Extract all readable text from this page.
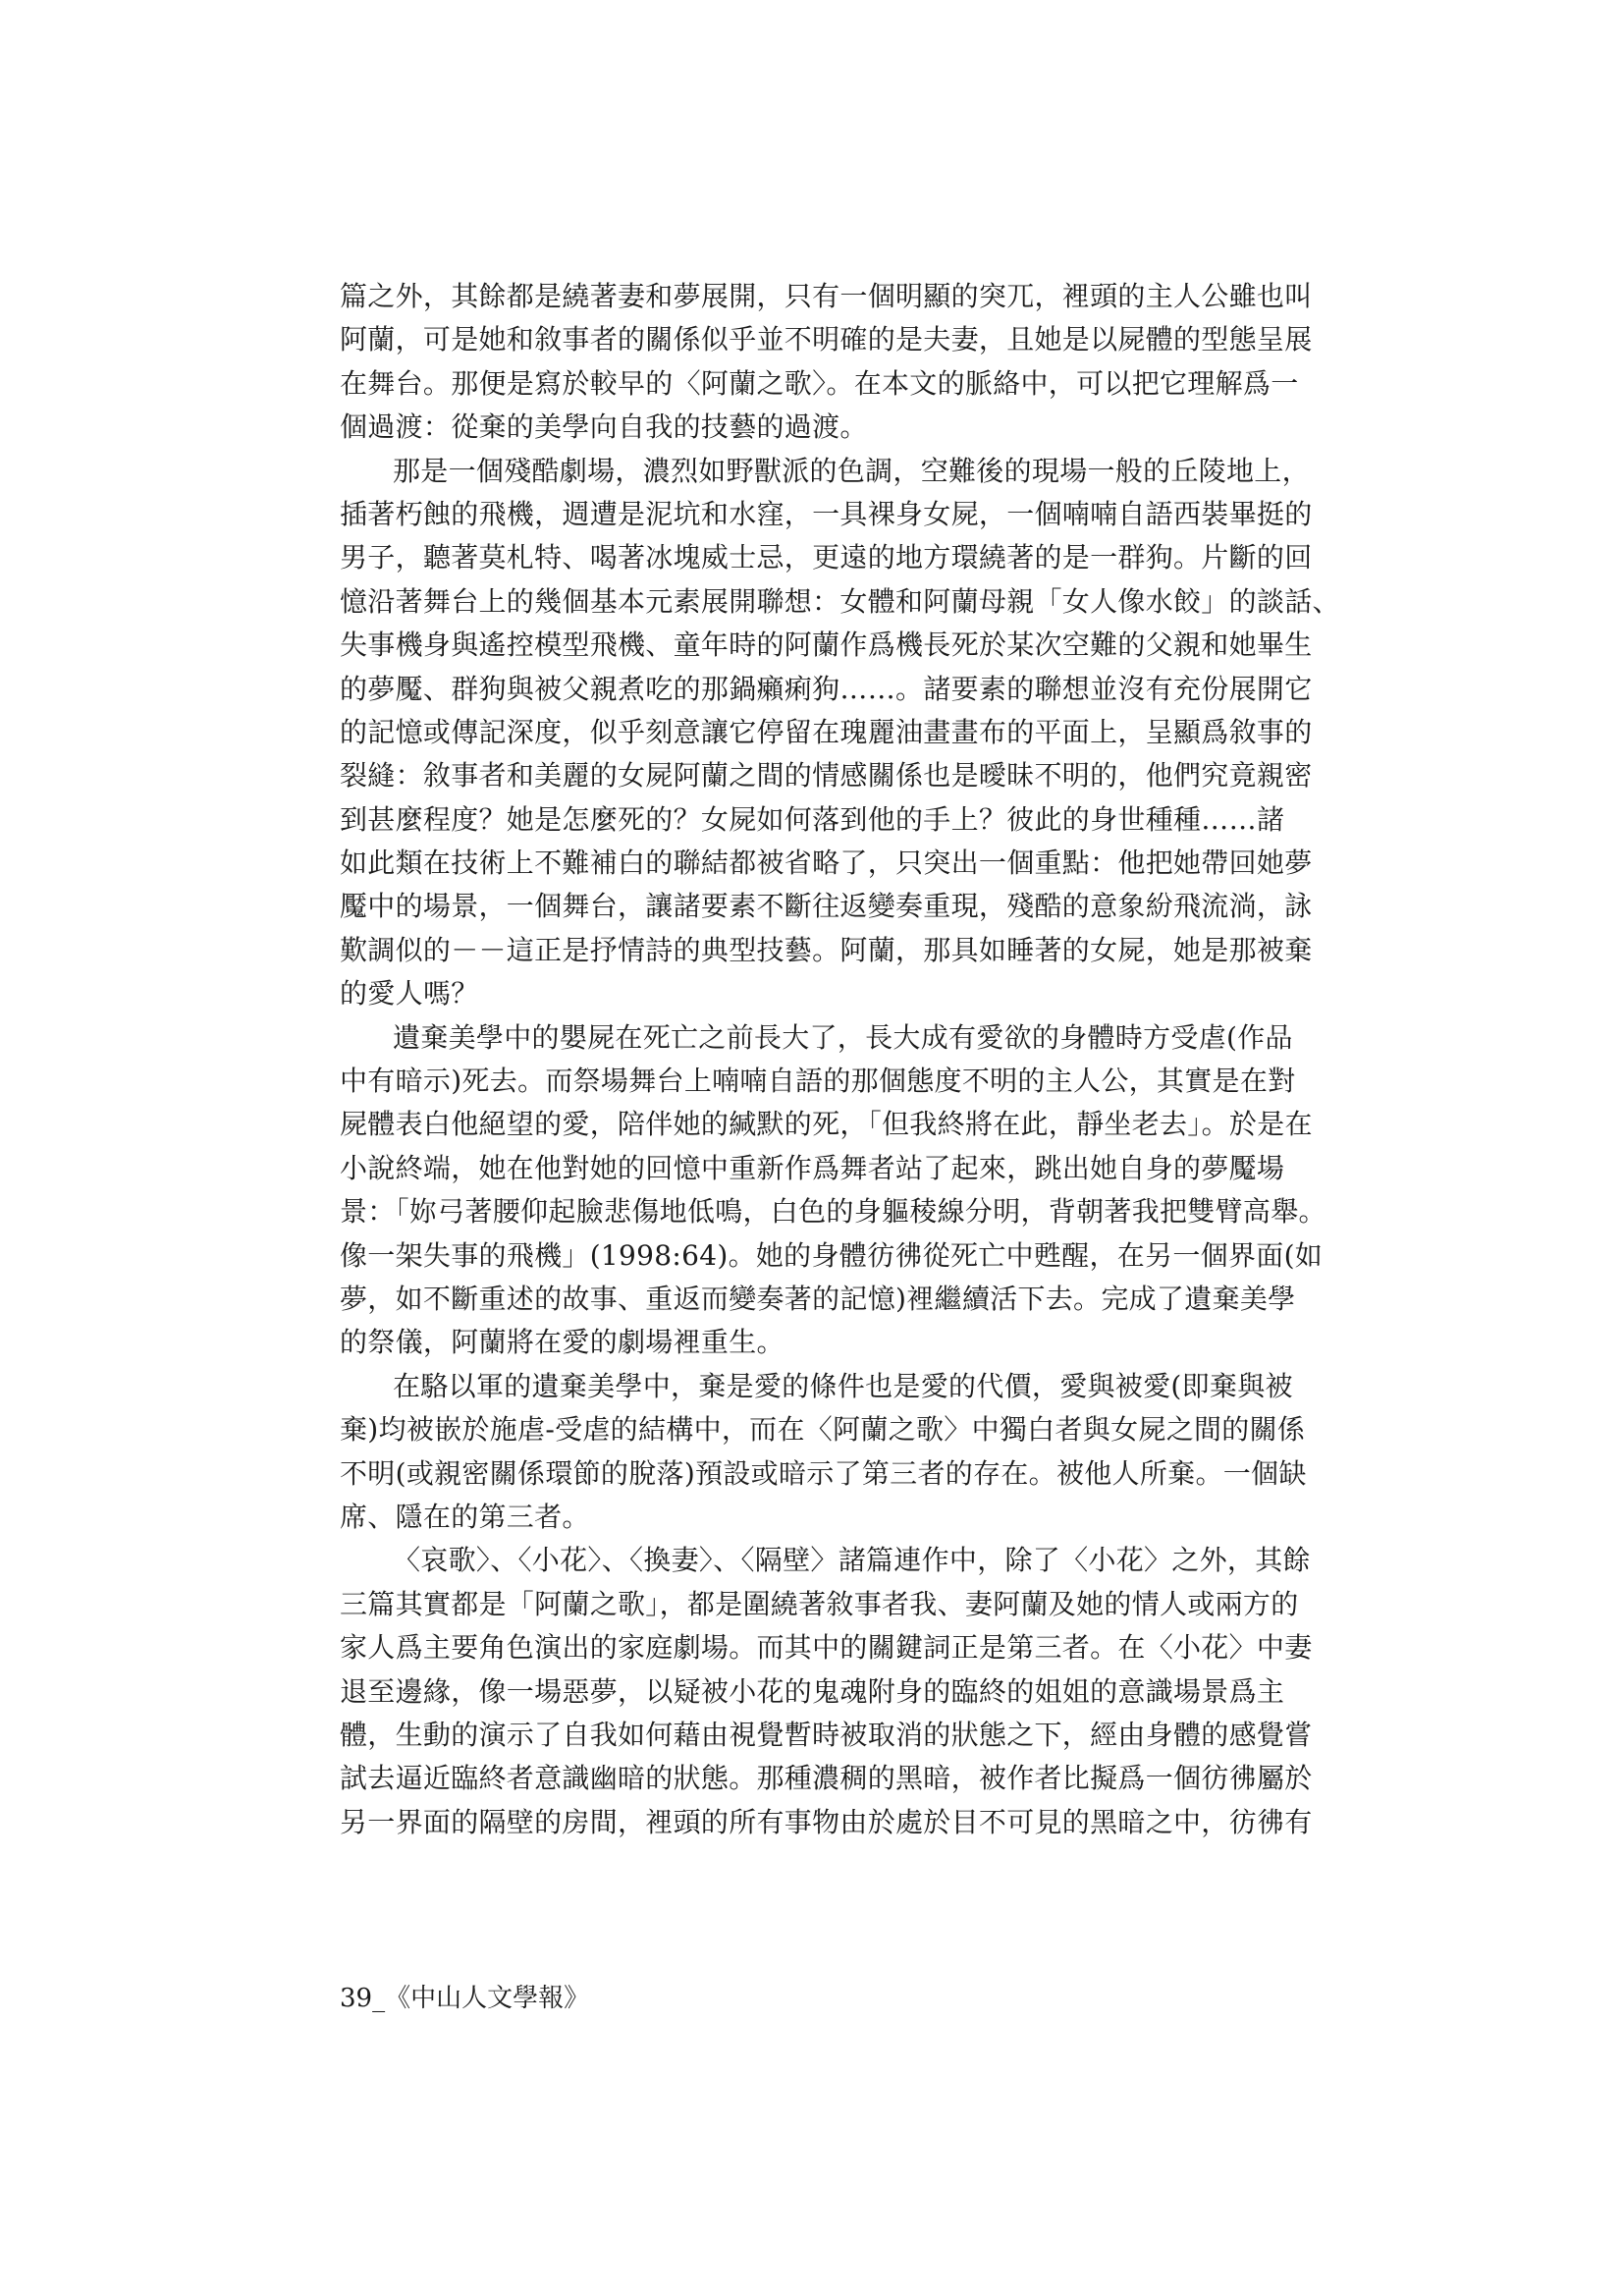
篇之外，其餘都是繞著妻和夢展開，只有一個明顯的突兀，裡頭的主人公雖也叫
阿蘭，可是她和敘事者的關係似乎並不明確的是夫妻，且她是以屍體的型態呈展
在舞台。那便是寫於較早的〈阿蘭之歌〉。在本文的脈絡中，可以把它理解爲一
個過渡：從棄的美學向自我的技藝的過渡。
那是一個殘酷劇場，濃烈如野獸派的色調，空難後的現場一般的丘陵地上，
插著朽蝕的飛機，週遭是泥坑和水窪，一具裸身女屍，一個喃喃自語西裝畢挺的
男子，聽著莫札特、喝著冰塊威士忌，更遠的地方環繞著的是一群狗。片斷的回
憶沿著舞台上的幾個基本元素展開聯想：女體和阿蘭母親「女人像水餃」的談話、
失事機身與遙控模型飛機、童年時的阿蘭作爲機長死於某次空難的父親和她畢生
的夢魘、群狗與被父親煮吃的那鍋癩痢狗……。諸要素的聯想並沒有充份展開它
的記憶或傳記深度，似乎刻意讓它停留在瑰麗油畫畫布的平面上，呈顯爲敘事的
裂縫：敘事者和美麗的女屍阿蘭之間的情感關係也是曖昧不明的，他們究竟親密
到甚麼程度？她是怎麼死的？女屍如何落到他的手上？彼此的身世種種……諸
如此類在技術上不難補白的聯結都被省略了，只突出一個重點：他把她帶回她夢
魘中的場景，一個舞台，讓諸要素不斷往返變奏重現，殘酷的意象紛飛流淌，詠
歎調似的－－這正是抒情詩的典型技藝。阿蘭，那具如睡著的女屍，她是那被棄
的愛人嗎？
遺棄美學中的嬰屍在死亡之前長大了，長大成有愛欲的身體時方受虐(作品
中有暗示)死去。而祭場舞台上喃喃自語的那個態度不明的主人公，其實是在對
屍體表白他絕望的愛，陪伴她的緘默的死，「但我終將在此，靜坐老去」。於是在
小說終端，她在他對她的回憶中重新作爲舞者站了起來，跳出她自身的夢魘場
景：「妳弓著腰仰起臉悲傷地低鳴，白色的身軀稜線分明，背朝著我把雙臂高舉。
像一架失事的飛機」(1998:64)。她的身體彷彿從死亡中甦醒，在另一個界面(如
夢，如不斷重述的故事、重返而變奏著的記憶)裡繼續活下去。完成了遺棄美學
的祭儀，阿蘭將在愛的劇場裡重生。
在駱以軍的遺棄美學中，棄是愛的條件也是愛的代價，愛與被愛(即棄與被
棄)均被嵌於施虐-受虐的結構中，而在〈阿蘭之歌〉中獨白者與女屍之間的關係
不明(或親密關係環節的脫落)預設或暗示了第三者的存在。被他人所棄。一個缺
席、隱在的第三者。
〈哀歌〉、〈小花〉、〈換妻〉、〈隔壁〉諸篇連作中，除了〈小花〉之外，其餘
三篇其實都是「阿蘭之歌」，都是圍繞著敘事者我、妻阿蘭及她的情人或兩方的
家人爲主要角色演出的家庭劇場。而其中的關鍵詞正是第三者。在〈小花〉中妻
退至邊緣，像一場惡夢，以疑被小花的鬼魂附身的臨終的姐姐的意識場景爲主
體，生動的演示了自我如何藉由視覺暫時被取消的狀態之下，經由身體的感覺嘗
試去逼近臨終者意識幽暗的狀態。那種濃稠的黑暗，被作者比擬爲一個彷彿屬於
另一界面的隔壁的房間，裡頭的所有事物由於處於目不可見的黑暗之中，彷彿有
39_《中山人文學報》
